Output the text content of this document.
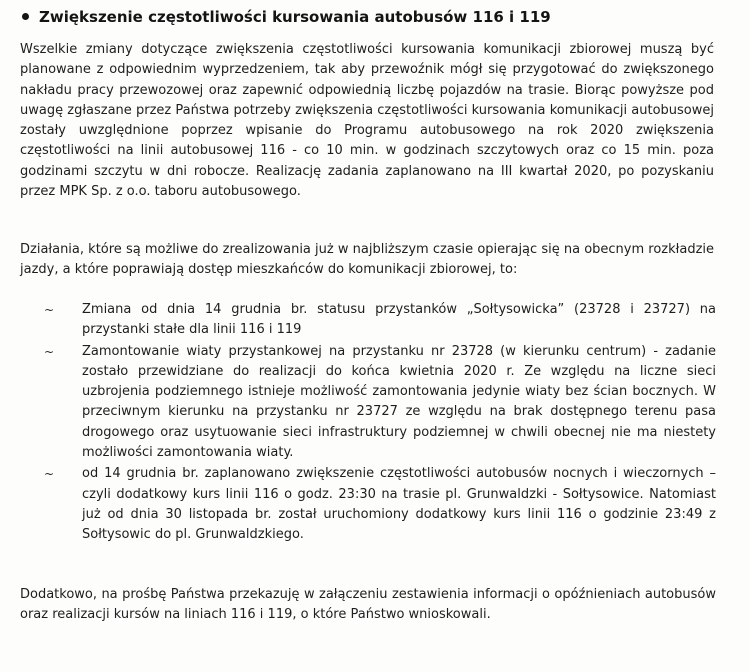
Zwiększenie częstotliwości kursowania autobusów 116 i 119

Wszelkie zmiany dotyczące zwiększenia częstotliwości kursowania komunikacji zbiorowej muszą być planowane z odpowiednim wyprzedzeniem, tak aby przewoźnik mógł się przygotować do zwiększonego nakładu pracy przewozowej oraz zapewnić odpowiednią liczbę pojazdów na trasie. Biorąc powyższe pod uwagę zgłaszane przez Państwa potrzeby zwiększenia częstotliwości kursowania komunikacji autobusowej zostały uwzględnione poprzez wpisanie do Programu autobusowego na rok 2020 zwiększenia częstotliwości na linii autobusowej 116 - co 10 min. w godzinach szczytowych oraz co 15 min. poza godzinami szczytu w dni robocze. Realizację zadania zaplanowano na III kwartał 2020, po pozyskaniu przez MPK Sp. z o.o. taboru autobusowego.

Działania, które są możliwe do zrealizowania już w najbliższym czasie opierając się na obecnym rozkładzie jazdy, a które poprawiają dostęp mieszkańców do komunikacji zbiorowej, to:

~	Zmiana od dnia 14 grudnia br. statusu przystanków „Sołtysowicka” (23728 i 23727) na przystanki stałe dla linii 116 i 119
~	Zamontowanie wiaty przystankowej na przystanku nr 23728 (w kierunku centrum) - zadanie zostało przewidziane do realizacji do końca kwietnia 2020 r. Ze względu na liczne sieci uzbrojenia podziemnego istnieje możliwość zamontowania jedynie wiaty bez ścian bocznych. W przeciwnym kierunku na przystanku nr 23727 ze względu na brak dostępnego terenu pasa drogowego oraz usytuowanie sieci infrastruktury podziemnej w chwili obecnej nie ma niestety możliwości zamontowania wiaty.
~	od 14 grudnia br. zaplanowano zwiększenie częstotliwości autobusów nocnych i wieczornych – czyli dodatkowy kurs linii 116 o godz. 23:30 na trasie pl. Grunwaldzki - Sołtysowice. Natomiast już od dnia 30 listopada br. został uruchomiony dodatkowy kurs linii 116 o godzinie 23:49 z Sołtysowic do pl. Grunwaldzkiego.

Dodatkowo, na prośbę Państwa przekazuję w załączeniu zestawienia informacji o opóźnieniach autobusów oraz realizacji kursów na liniach 116 i 119, o które Państwo wnioskowali.
